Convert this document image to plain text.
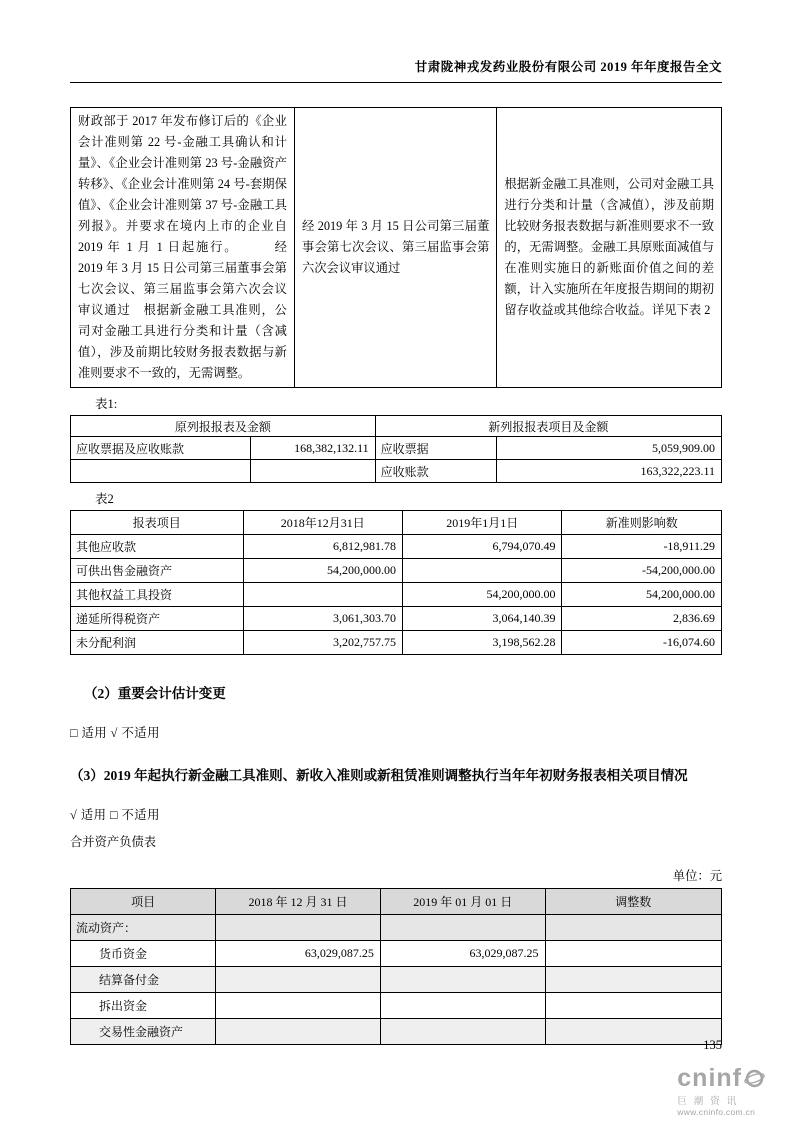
甘肃陇神戎发药业股份有限公司 2019 年年度报告全文
财政部于 2017 年发布修订后的《企业会计准则第 22 号-金融工具确认和计量》、《企业会计准则第 23 号-金融资产转移》、《企业会计准则第 24 号-套期保值》、《企业会计准则第 37 号-金融工具列报》。并要求在境内上市的企业自 2019 年 1 月 1 日起施行。　　　经 2019 年 3 月 15 日公司第三届董事会第七次会议、第三届监事会第六次会议审议通过　根据新金融工具准则，公司对金融工具进行分类和计量（含减值），涉及前期比较财务报表数据与新准则要求不一致的，无需调整。	经 2019 年 3 月 15 日公司第三届董事会第七次会议、第三届监事会第六次会议审议通过	根据新金融工具准则，公司对金融工具进行分类和计量（含减值），涉及前期比较财务报表数据与新准则要求不一致的，无需调整。金融工具原账面减值与在准则实施日的新账面价值之间的差额，计入实施所在年度报告期间的期初留存收益或其他综合收益。详见下表 2
表1:
原列报报表及金额		新列报报表项目及金额	
应收票据及应收账款	168,382,132.11	应收票据	5,059,909.00
		应收账款	163,322,223.11
表2
报表项目	2018年12月31日	2019年1月1日	新准则影响数
其他应收款	6,812,981.78	6,794,070.49	-18,911.29
可供出售金融资产	54,200,000.00		-54,200,000.00
其他权益工具投资		54,200,000.00	54,200,000.00
递延所得税资产	3,061,303.70	3,064,140.39	2,836.69
未分配利润	3,202,757.75	3,198,562.28	-16,074.60
（2）重要会计估计变更
□ 适用 √ 不适用
（3）2019 年起执行新金融工具准则、新收入准则或新租赁准则调整执行当年年初财务报表相关项目情况
√ 适用 □ 不适用
合并资产负债表
单位：元
项目	2018 年 12 月 31 日	2019 年 01 月 01 日	调整数
流动资产：			
货币资金	63,029,087.25	63,029,087.25	
结算备付金			
拆出资金			
交易性金融资产			
135
cninf
巨潮资讯
www.cninfo.com.cn
